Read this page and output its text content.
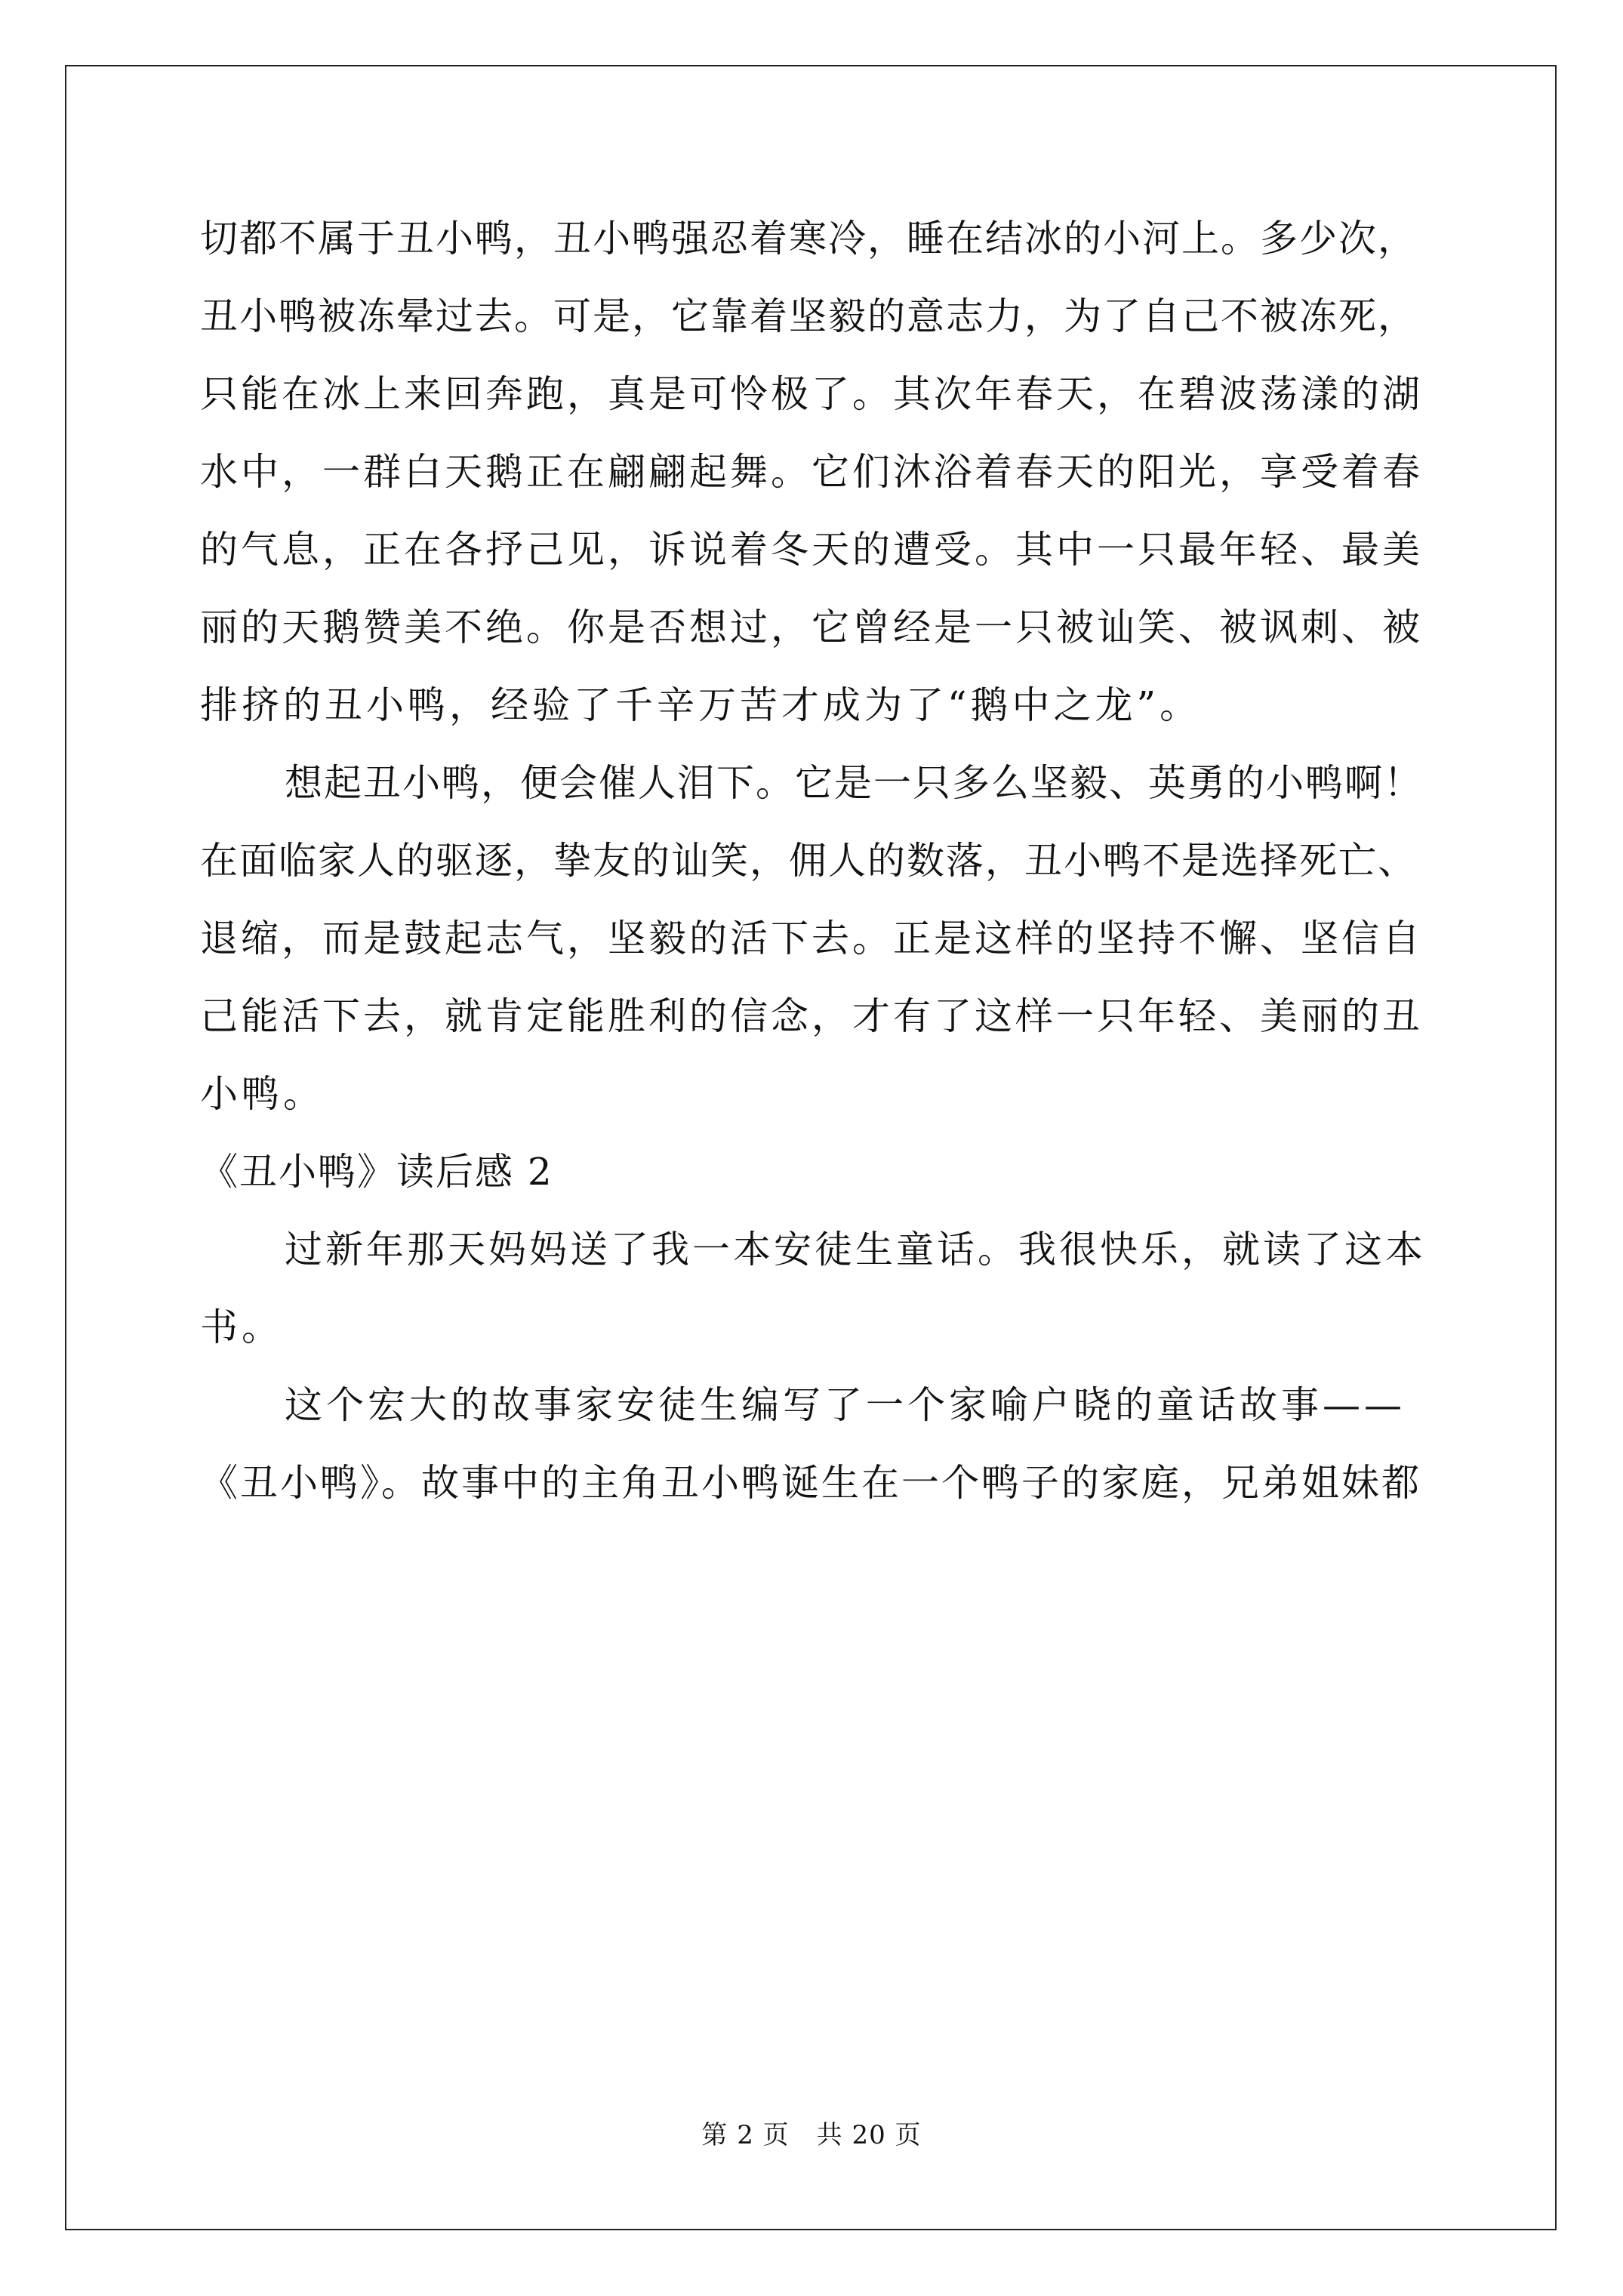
切都不属于丑小鸭，丑小鸭强忍着寒冷，睡在结冰的小河上。多少次，
丑小鸭被冻晕过去。可是，它靠着坚毅的意志力，为了自己不被冻死，
只能在冰上来回奔跑，真是可怜极了。其次年春天，在碧波荡漾的湖
水中，一群白天鹅正在翩翩起舞。它们沐浴着春天的阳光，享受着春
的气息，正在各抒己见，诉说着冬天的遭受。其中一只最年轻、最美
丽的天鹅赞美不绝。你是否想过，它曾经是一只被讪笑、被讽刺、被
排挤的丑小鸭，经验了千辛万苦才成为了“鹅中之龙”。
想起丑小鸭，便会催人泪下。它是一只多么坚毅、英勇的小鸭啊！
在面临家人的驱逐，挚友的讪笑，佣人的数落，丑小鸭不是选择死亡、
退缩，而是鼓起志气，坚毅的活下去。正是这样的坚持不懈、坚信自
己能活下去，就肯定能胜利的信念，才有了这样一只年轻、美丽的丑
小鸭。
《丑小鸭》读后感 2
过新年那天妈妈送了我一本安徒生童话。我很快乐，就读了这本
书。
这个宏大的故事家安徒生编写了一个家喻户晓的童话故事——
《丑小鸭》。故事中的主角丑小鸭诞生在一个鸭子的家庭，兄弟姐妹都
第 2 页 共 20 页
